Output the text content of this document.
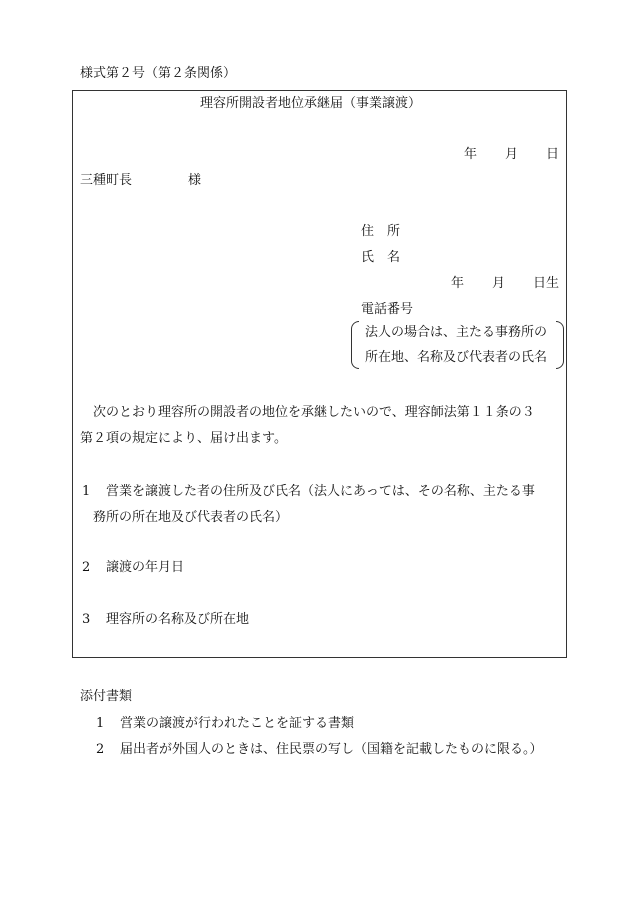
様式第２号（第２条関係）
理容所開設者地位承継届（事業譲渡）
年 月 日
三種町長	様
住　所
氏　名
年 月 日生
電話番号
法人の場合は、主たる事務所の
所在地、名称及び代表者の氏名
次のとおり理容所の開設者の地位を承継したいので、理容師法第１１条の３
第２項の規定により、届け出ます。
1 営業を譲渡した者の住所及び氏名（法人にあっては、その名称、主たる事
務所の所在地及び代表者の氏名）
2 譲渡の年月日
3 理容所の名称及び所在地
添付書類
1 営業の譲渡が行われたことを証する書類
2 届出者が外国人のときは、住民票の写し（国籍を記載したものに限る。）
